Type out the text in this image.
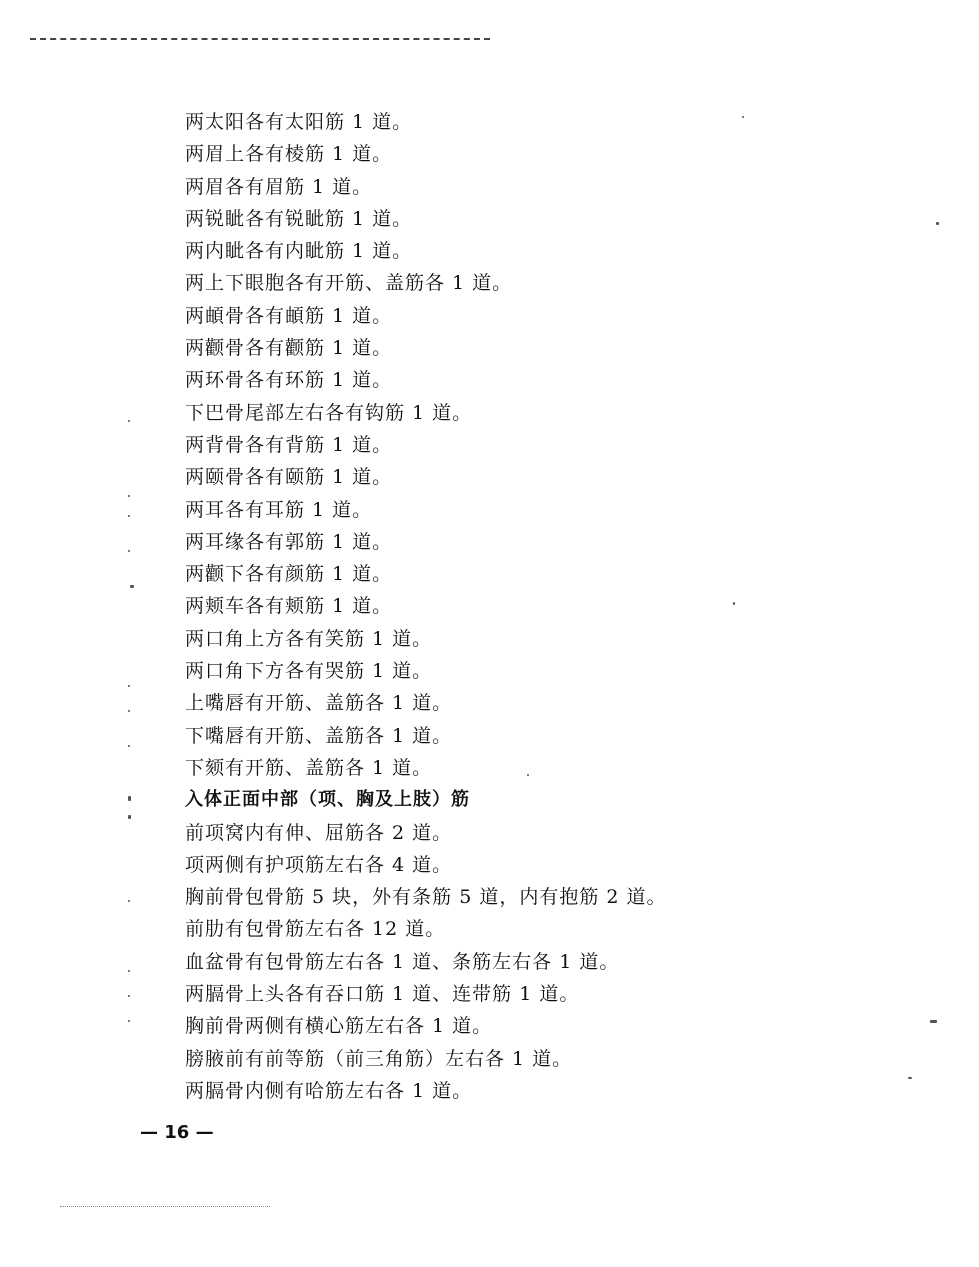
两太阳各有太阳筋 1 道。
两眉上各有棱筋 1 道。
两眉各有眉筋 1 道。
两锐眦各有锐眦筋 1 道。
两内眦各有内眦筋 1 道。
两上下眼胞各有开筋、盖筋各 1 道。
两頔骨各有頔筋 1 道。
两颧骨各有颧筋 1 道。
两环骨各有环筋 1 道。
下巴骨尾部左右各有钩筋 1 道。
两背骨各有背筋 1 道。
两颐骨各有颐筋 1 道。
两耳各有耳筋 1 道。
两耳缘各有郭筋 1 道。
两颧下各有颜筋 1 道。
两颊车各有颊筋 1 道。
两口角上方各有笑筋 1 道。
两口角下方各有哭筋 1 道。
上嘴唇有开筋、盖筋各 1 道。
下嘴唇有开筋、盖筋各 1 道。
下颏有开筋、盖筋各 1 道。
入体正面中部（项、胸及上肢）筋
前项窝内有伸、屈筋各 2 道。
项两侧有护项筋左右各 4 道。
胸前骨包骨筋 5 块，外有条筋 5 道，内有抱筋 2 道。
前肋有包骨筋左右各 12 道。
血盆骨有包骨筋左右各 1 道、条筋左右各 1 道。
两膈骨上头各有吞口筋 1 道、连带筋 1 道。
胸前骨两侧有横心筋左右各 1 道。
膀腋前有前等筋（前三角筋）左右各 1 道。
两膈骨内侧有哈筋左右各 1 道。
— 16 —
